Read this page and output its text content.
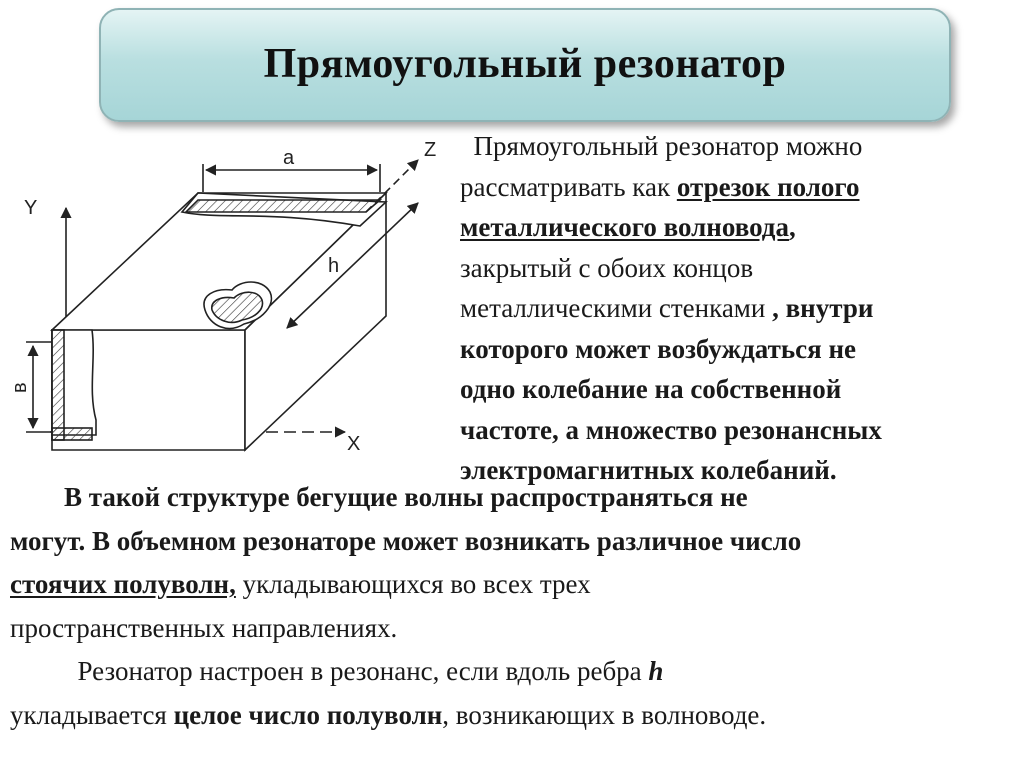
Прямоугольный резонатор
a
h
в
X
Y
Z	Прямоугольный резонатор можно
рассматривать как отрезок полого
металлического волновода,
закрытый с обоих концов
металлическими стенками , внутри
которого может возбуждаться не
одно колебание на собственной
частоте, а множество резонансных
электромагнитных колебаний.
В такой структуре бегущие волны распространяться не
могут. В объемном резонаторе может возникать различное число
стоячих полуволн, укладывающихся во всех трех
пространственных направлениях.
Резонатор настроен в резонанс, если вдоль ребра h
укладывается целое число полуволн, возникающих в волноводе.
